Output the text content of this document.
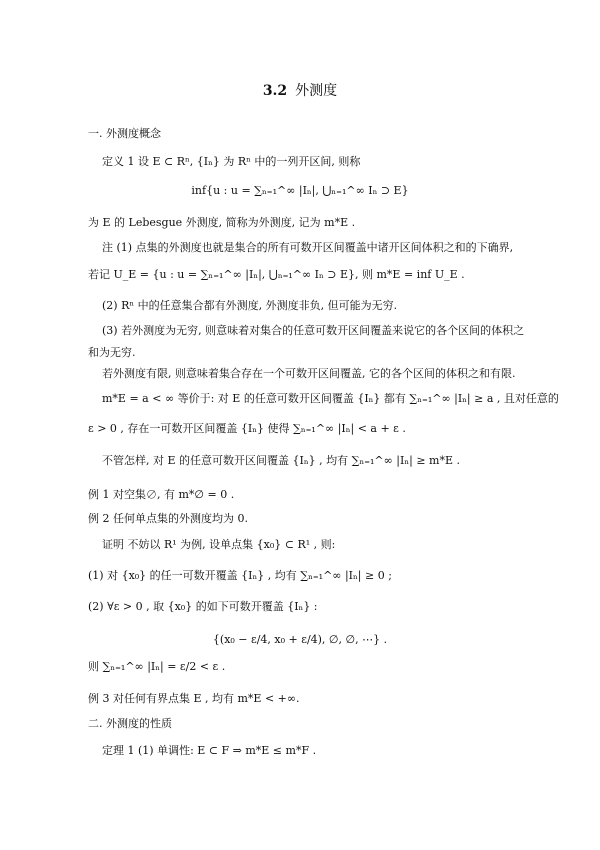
3.2 外测度
一. 外测度概念
定义 1 设 E ⊂ Rⁿ, {Iₙ} 为 Rⁿ 中的一列开区间, 则称
inf{u : u = ∑ₙ₌₁^∞ |Iₙ|, ⋃ₙ₌₁^∞ Iₙ ⊃ E}
为 E 的 Lebesgue 外测度, 简称为外测度, 记为 m*E .
注 (1) 点集的外测度也就是集合的所有可数开区间覆盖中诸开区间体积之和的下确界,
若记 U_E = {u : u = ∑ₙ₌₁^∞ |Iₙ|, ⋃ₙ₌₁^∞ Iₙ ⊃ E}, 则 m*E = inf U_E .
(2) Rⁿ 中的任意集合都有外测度, 外测度非负, 但可能为无穷.
(3) 若外测度为无穷, 则意味着对集合的任意可数开区间覆盖来说它的各个区间的体积之
和为无穷.
若外测度有限, 则意味着集合存在一个可数开区间覆盖, 它的各个区间的体积之和有限.
m*E = a < ∞ 等价于: 对 E 的任意可数开区间覆盖 {Iₙ} 都有 ∑ₙ₌₁^∞ |Iₙ| ≥ a , 且对任意的
ε > 0 , 存在一可数开区间覆盖 {Iₙ} 使得 ∑ₙ₌₁^∞ |Iₙ| < a + ε .
不管怎样, 对 E 的任意可数开区间覆盖 {Iₙ} , 均有 ∑ₙ₌₁^∞ |Iₙ| ≥ m*E .
例 1 对空集∅, 有 m*∅ = 0 .
例 2 任何单点集的外测度均为 0.
证明 不妨以 R¹ 为例, 设单点集 {x₀} ⊂ R¹ , 则:
(1) 对 {x₀} 的任一可数开覆盖 {Iₙ} , 均有 ∑ₙ₌₁^∞ |Iₙ| ≥ 0 ;
(2) ∀ε > 0 , 取 {x₀} 的如下可数开覆盖 {Iₙ} :
{(x₀ − ε/4, x₀ + ε/4), ∅, ∅, ⋯} .
则 ∑ₙ₌₁^∞ |Iₙ| = ε/2 < ε .
例 3 对任何有界点集 E , 均有 m*E < +∞.
二. 外测度的性质
定理 1 (1) 单调性: E ⊂ F ⇒ m*E ≤ m*F .
